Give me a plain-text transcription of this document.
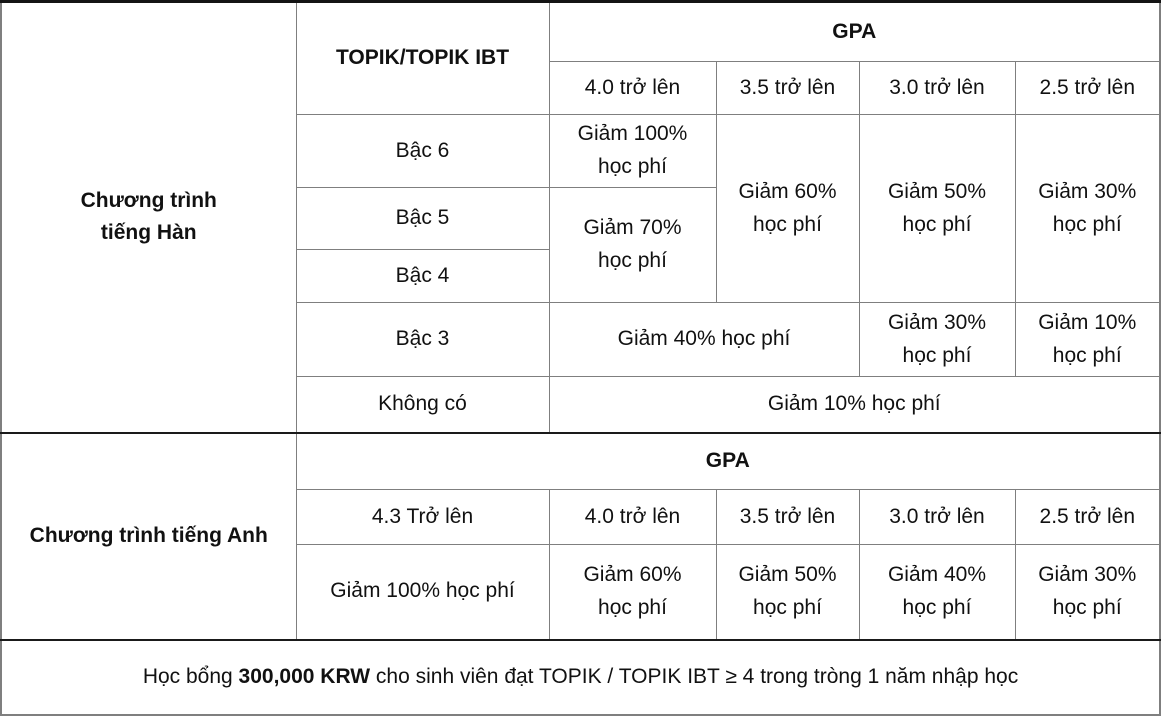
Chương trình tiếng Hàn	TOPIK/TOPIK IBT	GPA			
		4.0 trở lên	3.5 trở lên	3.0 trở lên	2.5 trở lên
	Bậc 6	Giảm 100% học phí	Giảm 60% học phí	Giảm 50% học phí	Giảm 30% học phí
	Bậc 5	Giảm 70% học phí			
	Bậc 4				
	Bậc 3	Giảm 40% học phí		Giảm 30% học phí	Giảm 10% học phí
	Không có	Giảm 10% học phí			
Chương trình tiếng Anh	GPA				
	4.3 Trở lên	4.0 trở lên	3.5 trở lên	3.0 trở lên	2.5 trở lên
	Giảm 100% học phí	Giảm 60% học phí	Giảm 50% học phí	Giảm 40% học phí	Giảm 30% học phí
Học bổng 300,000 KRW cho sinh viên đạt TOPIK / TOPIK IBT ≥ 4 trong tròng 1 năm nhập học					
